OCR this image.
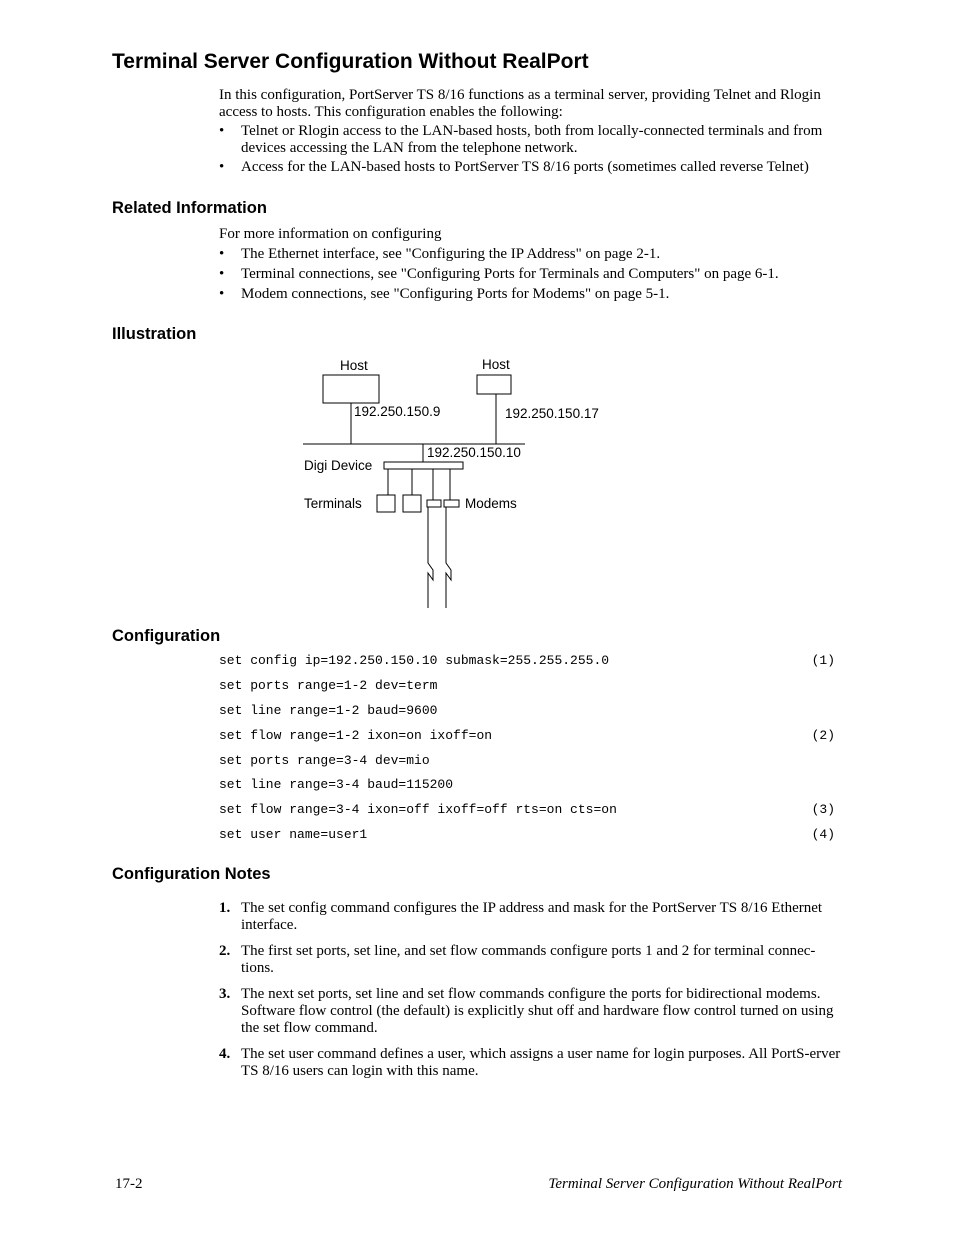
Terminal Server Configuration Without RealPort

In this configuration, PortServer TS 8/16 functions as a terminal server, providing Telnet and Rlogin access to hosts. This configuration enables the following:

• Telnet or Rlogin access to the LAN-based hosts, both from locally-connected terminals and from devices accessing the LAN from the telephone network.
• Access for the LAN-based hosts to PortServer TS 8/16 ports (sometimes called reverse Telnet)
Related Information

For more information on configuring

• The Ethernet interface, see "Configuring the IP Address" on page 2-1.
• Terminal connections, see "Configuring Ports for Terminals and Computers" on page 6-1.
• Modem connections, see "Configuring Ports for Modems" on page 5-1.
Illustration
Host
192.250.150.9
Host
192.250.150.17
192.250.150.10
Digi Device
Terminals	Modems
Configuration
set config ip=192.250.150.10 submask=255.255.255.0	(1)
set ports range=1-2 dev=term
set line range=1-2 baud=9600
set flow range=1-2 ixon=on ixoff=on	(2)
set ports range=3-4 dev=mio
set line range=3-4 baud=115200
set flow range=3-4 ixon=off ixoff=off rts=on cts=on	(3)
set user name=user1	(4)
Configuration Notes
1. The set config command configures the IP address and mask for the PortServer TS 8/16 Ethernet interface.
2. The first set ports, set line, and set flow commands configure ports 1 and 2 for terminal connec-tions.
3. The next set ports, set line and set flow commands configure the ports for bidirectional modems. Software flow control (the default) is explicitly shut off and hardware flow control turned on using the set flow command.
4. The set user command defines a user, which assigns a user name for login purposes. All PortS-erver TS 8/16 users can login with this name.
17-2	Terminal Server Configuration Without RealPort
